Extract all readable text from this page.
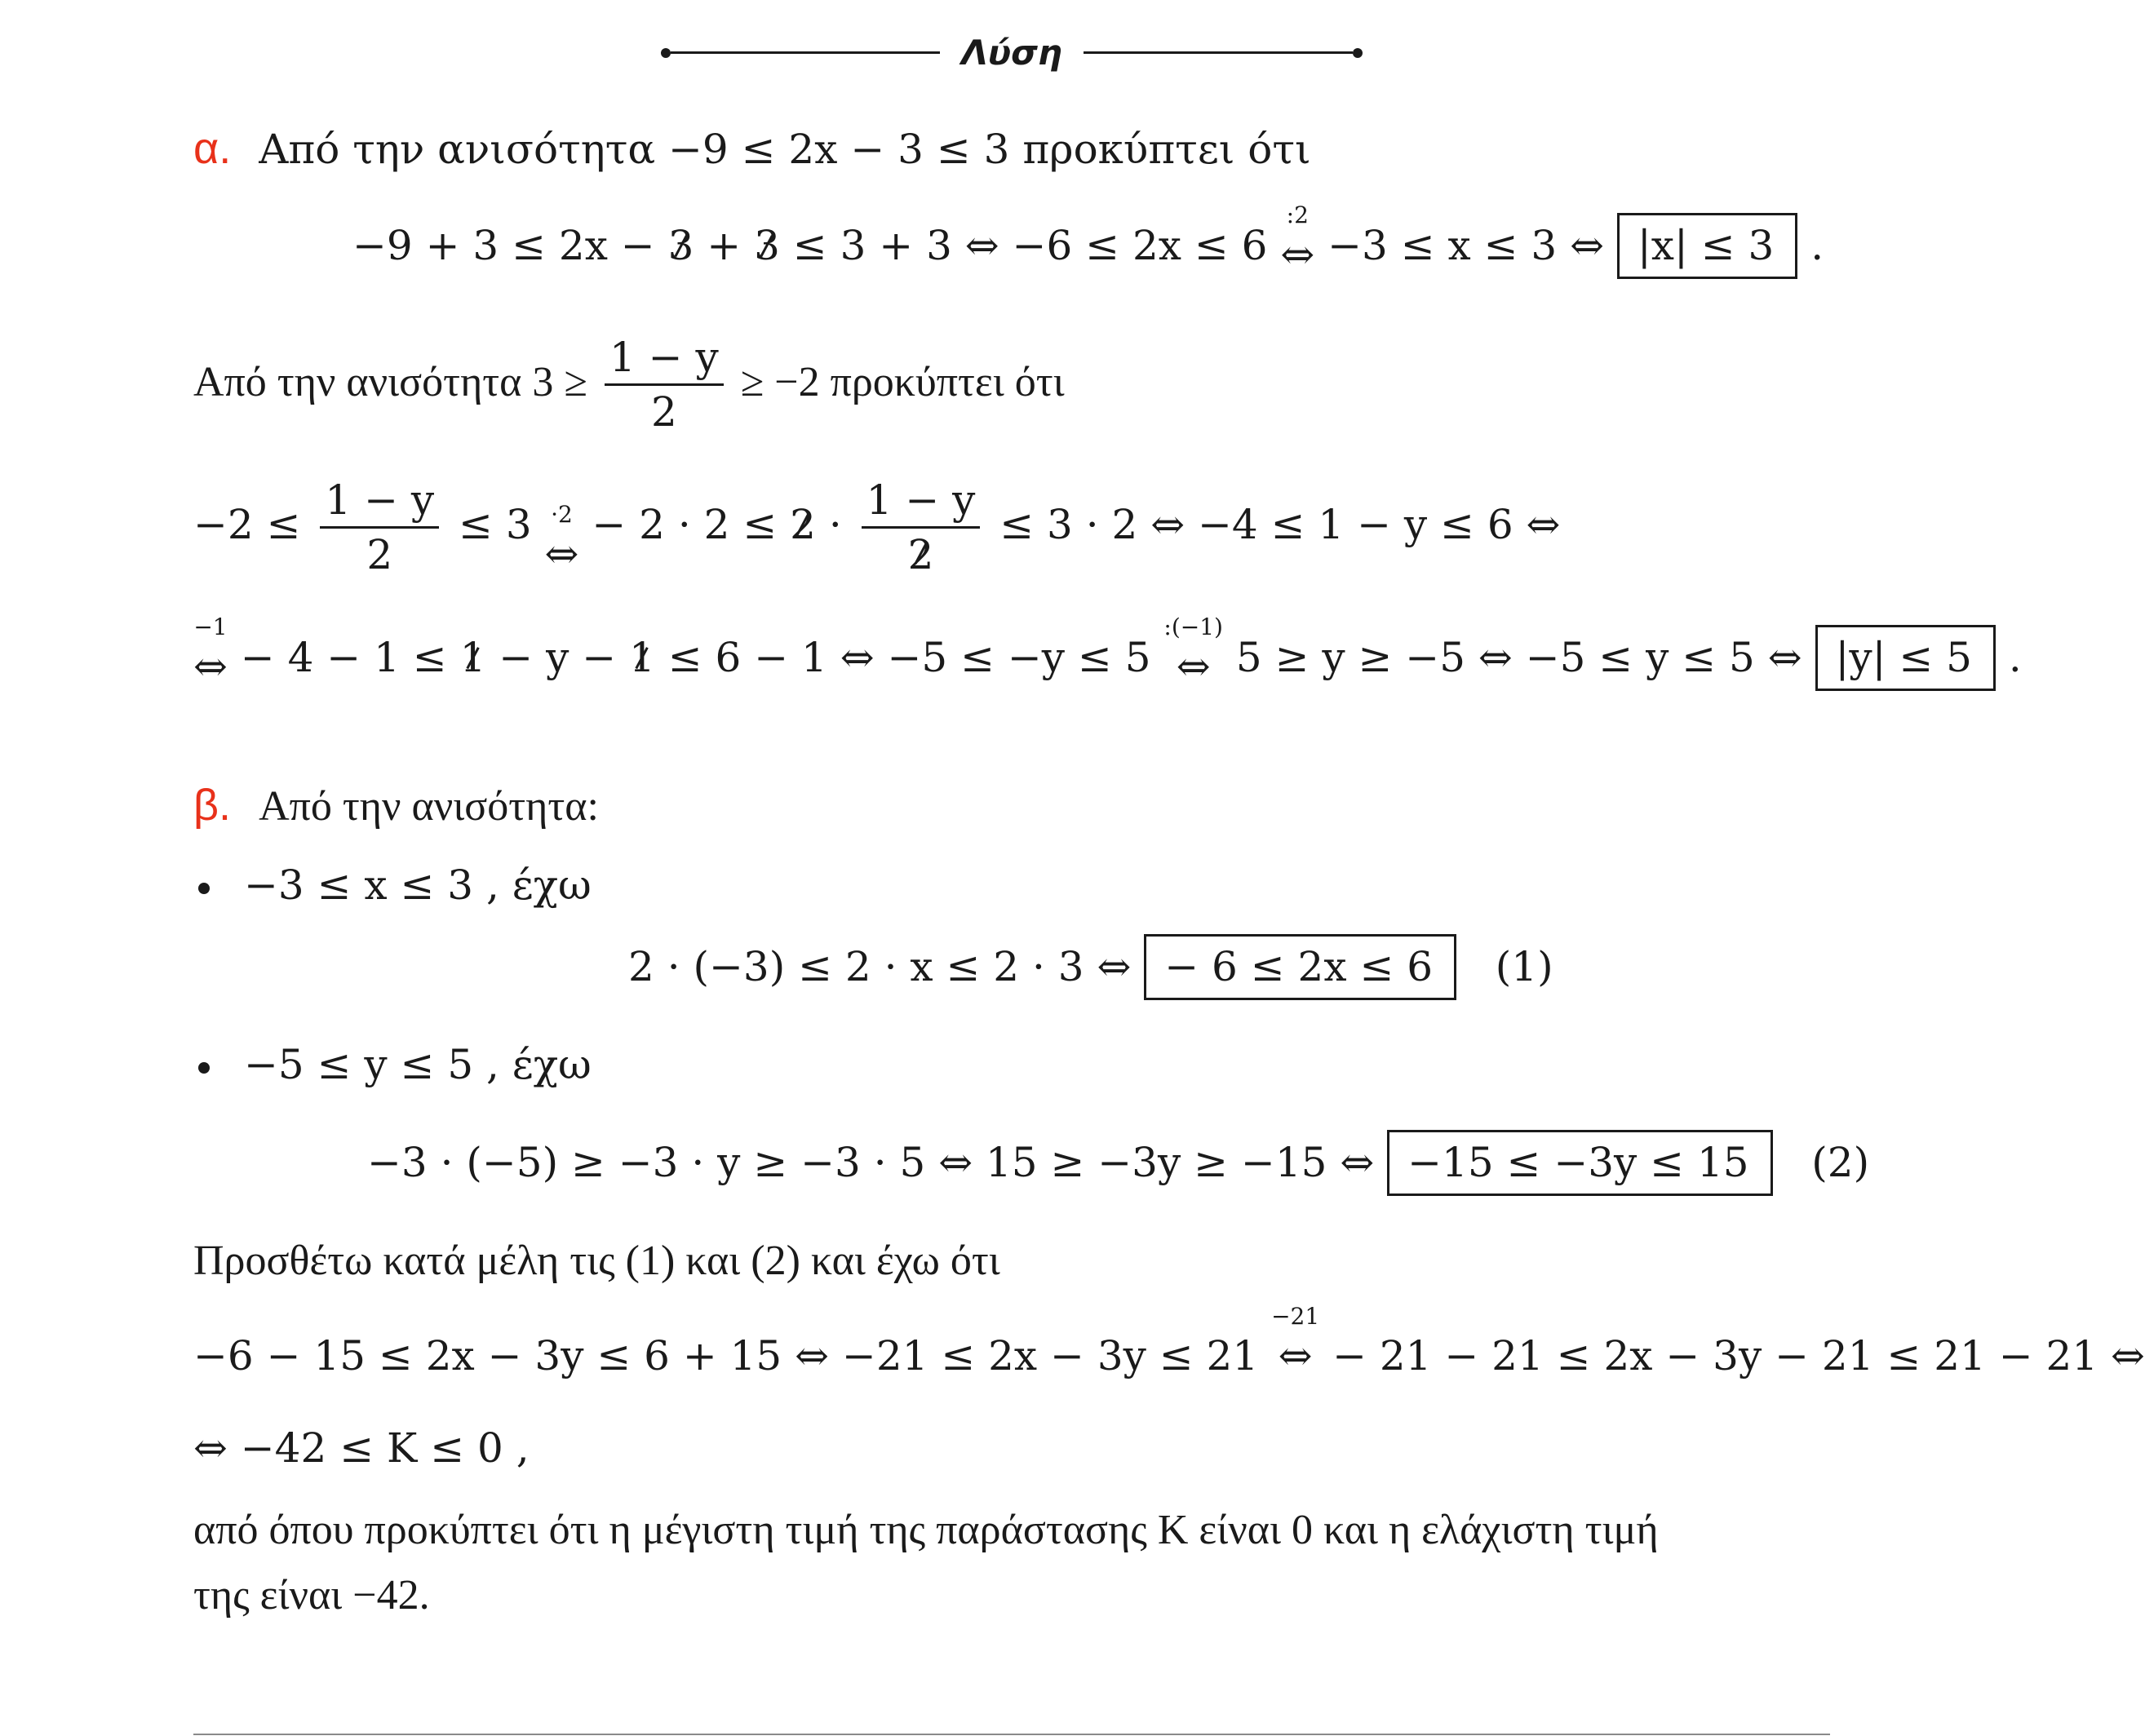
Λύση
α. Από την ανισότητα −9 ≤ 2x − 3 ≤ 3 προκύπτει ότι
−9 + 3 ≤ 2x − 3 + 3 ≤ 3 + 3 ⇔ −6 ≤ 2x ≤ 6
:2
⇔ −3 ≤ x ≤ 3 ⇔ |x| ≤ 3 .
Από την ανισότητα $3 \ge \frac{1 - y}{2} \ge -2$ προκύπτει ότι
$-2 \le \frac{1 - y}{2} \le 3 \cdot 2$
⇔
− $2 \cdot 2 \le 2 \cdot \frac{1 - y}{2} \le 3 \cdot 2$ ⇔ −4 ≤ 1 − y ≤ 6 ⇔
−1
⇔ − 4 − 1 ≤ 1 − y − 1 ≤ 6 − 1 ⇔ −5 ≤ −y ≤ 5
:(−1)
⇔ 5 ≥ y ≥ −5 ⇔ −5 ≤ y ≤ 5 ⇔ |y| ≤ 5 .
β. Από την ανισότητα:
−3 ≤ x ≤ 3 , έχω
2 · (−3) ≤ 2 · x ≤ 2 · 3 ⇔ − 6 ≤ 2x ≤ 6 (1)
−5 ≤ y ≤ 5 , έχω
−3 · (−5) ≥ −3 · y ≥ −3 · 5 ⇔ 15 ≥ −3y ≥ −15 ⇔ −15 ≤ −3y ≤ 15 (2)
Προσθέτω κατά μέλη τις (1) και (2) και έχω ότι
−6 − 15 ≤ 2x − 3y ≤ 6 + 15 ⇔ −21 ≤ 2x − 3y ≤ 21
−21
⇔ − 21 − 21 ≤ 2x − 3y − 21 ≤ 21 − 21 ⇔
⇔ −42 ≤ K ≤ 0 ,
από όπου προκύπτει ότι η μέγιστη τιμή της παράστασης K είναι 0 και η ελάχιστη τιμή
της είναι −42.
